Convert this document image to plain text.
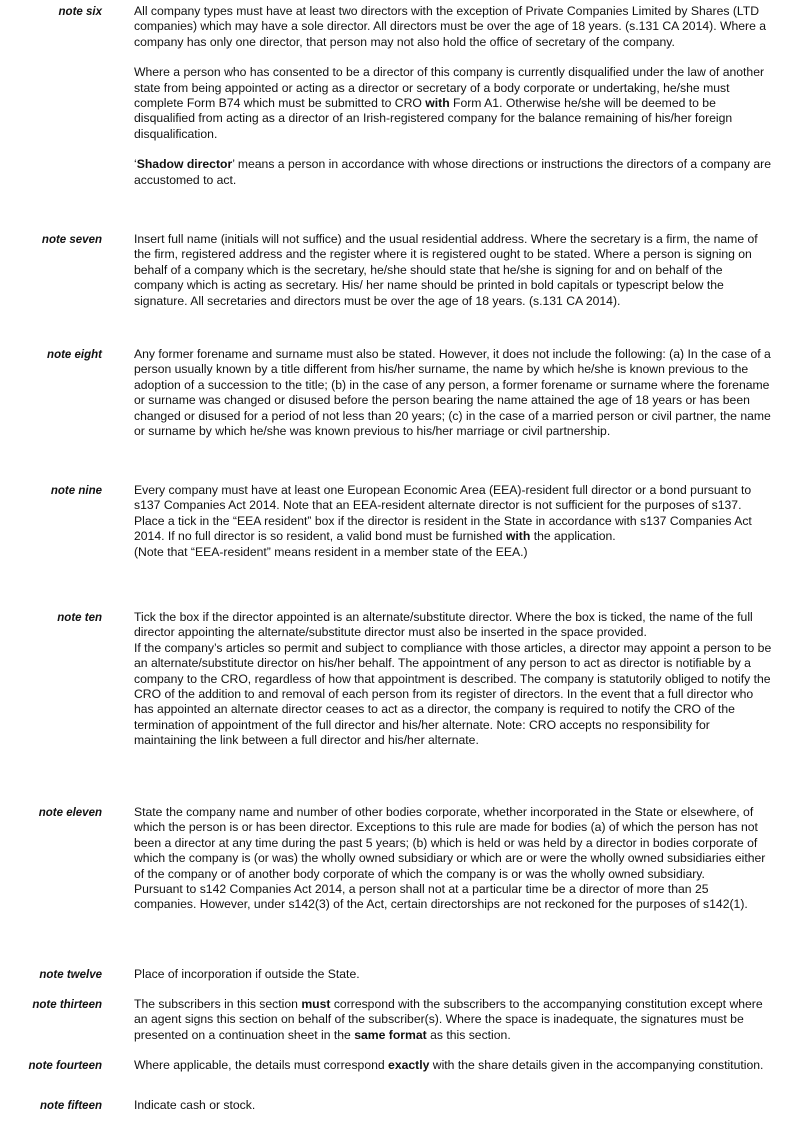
note six	All company types must have at least two directors with the exception of Private Companies Limited by Shares (LTD companies) which may have a sole director. All directors must be over the age of 18 years. (s.131 CA 2014). Where a company has only one director, that person may not also hold the office of secretary of the company.

Where a person who has consented to be a director of this company is currently disqualified under the law of another state from being appointed or acting as a director or secretary of a body corporate or undertaking, he/she must complete Form B74 which must be submitted to CRO with Form A1. Otherwise he/she will be deemed to be disqualified from acting as a director of an Irish-registered company for the balance remaining of his/her foreign disqualification.

‘Shadow director’ means a person in accordance with whose directions or instructions the directors of a company are accustomed to act.

note seven	Insert full name (initials will not suffice) and the usual residential address. Where the secretary is a firm, the name of the firm, registered address and the register where it is registered ought to be stated. Where a person is signing on behalf of a company which is the secretary, he/she should state that he/she is signing for and on behalf of the company which is acting as secretary. His/ her name should be printed in bold capitals or typescript below the signature. All secretaries and directors must be over the age of 18 years. (s.131 CA 2014).

note eight	Any former forename and surname must also be stated. However, it does not include the following: (a) In the case of a person usually known by a title different from his/her surname, the name by which he/she is known previous to the adoption of a succession to the title; (b) in the case of any person, a former forename or surname where the forename or surname was changed or disused before the person bearing the name attained the age of 18 years or has been changed or disused for a period of not less than 20 years; (c) in the case of a married person or civil partner, the name or surname by which he/she was known previous to his/her marriage or civil partnership.

note nine	Every company must have at least one European Economic Area (EEA)-resident full director or a bond pursuant to s137 Companies Act 2014. Note that an EEA-resident alternate director is not sufficient for the purposes of s137. Place a tick in the “EEA resident” box if the director is resident in the State in accordance with s137 Companies Act 2014. If no full director is so resident, a valid bond must be furnished with the application.

(Note that “EEA-resident” means resident in a member state of the EEA.)

note ten	Tick the box if the director appointed is an alternate/substitute director. Where the box is ticked, the name of the full director appointing the alternate/substitute director must also be inserted in the space provided.

If the company’s articles so permit and subject to compliance with those articles, a director may appoint a person to be an alternate/substitute director on his/her behalf. The appointment of any person to act as director is notifiable by a company to the CRO, regardless of how that appointment is described. The company is statutorily obliged to notify the CRO of the addition to and removal of each person from its register of directors. In the event that a full director who has appointed an alternate director ceases to act as a director, the company is required to notify the CRO of the termination of appointment of the full director and his/her alternate. Note: CRO accepts no responsibility for maintaining the link between a full director and his/her alternate.

note eleven	State the company name and number of other bodies corporate, whether incorporated in the State or elsewhere, of which the person is or has been director. Exceptions to this rule are made for bodies (a) of which the person has not been a director at any time during the past 5 years; (b) which is held or was held by a director in bodies corporate of which the company is (or was) the wholly owned subsidiary or which are or were the wholly owned subsidiaries either of the company or of another body corporate of which the company is or was the wholly owned subsidiary.

Pursuant to s142 Companies Act 2014, a person shall not at a particular time be a director of more than 25 companies. However, under s142(3) of the Act, certain directorships are not reckoned for the purposes of s142(1).

note twelve	Place of incorporation if outside the State.

note thirteen	The subscribers in this section must correspond with the subscribers to the accompanying constitution except where an agent signs this section on behalf of the subscriber(s). Where the space is inadequate, the signatures must be presented on a continuation sheet in the same format as this section.

note fourteen	Where applicable, the details must correspond exactly with the share details given in the accompanying constitution.

note fifteen	Indicate cash or stock.
